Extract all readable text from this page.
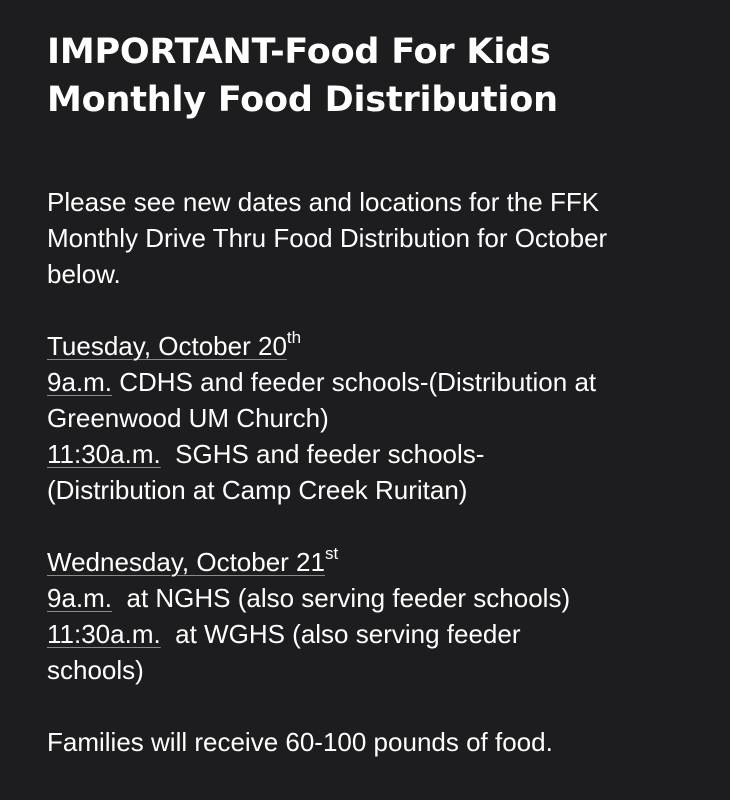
IMPORTANT-Food For Kids
Monthly Food Distribution
Please see new dates and locations for the FFK
Monthly Drive Thru Food Distribution for October
below.
Tuesday, October 20th
9a.m. CDHS and feeder schools-(Distribution at
Greenwood UM Church)
11:30a.m.  SGHS and feeder schools-
(Distribution at Camp Creek Ruritan)
Wednesday, October 21st
9a.m.  at NGHS (also serving feeder schools)
11:30a.m.  at WGHS (also serving feeder
schools)
Families will receive 60-100 pounds of food.
